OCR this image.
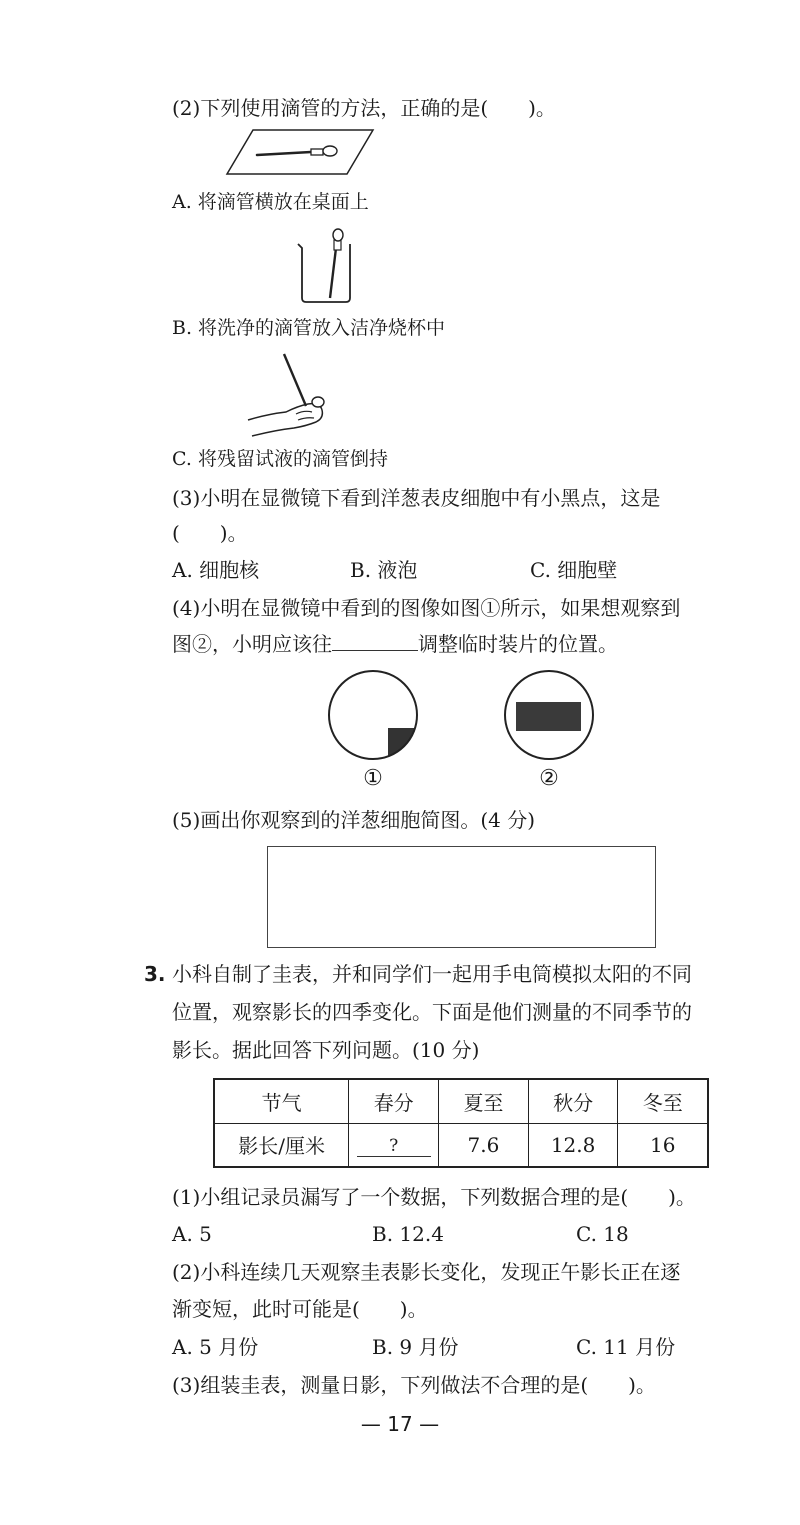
(2)下列使用滴管的方法，正确的是(　　)。
A. 将滴管横放在桌面上
B. 将洗净的滴管放入洁净烧杯中
C. 将残留试液的滴管倒持
(3)小明在显微镜下看到洋葱表皮细胞中有小黑点，这是
(　　)。
A. 细胞核	B. 液泡	C. 细胞壁
(4)小明在显微镜中看到的图像如图①所示，如果想观察到
图②，小明应该往	调整临时装片的位置。
①	②
(5)画出你观察到的洋葱细胞简图。(4 分)
3. 小科自制了圭表，并和同学们一起用手电筒模拟太阳的不同
位置，观察影长的四季变化。下面是他们测量的不同季节的
影长。据此回答下列问题。(10 分)
节气	春分	夏至	秋分	冬至
影长/厘米	?	7.6	12.8	16
(1)小组记录员漏写了一个数据，下列数据合理的是(　　)。
A. 5	B. 12.4	C. 18
(2)小科连续几天观察圭表影长变化，发现正午影长正在逐
渐变短，此时可能是(　　)。
A. 5 月份	B. 9 月份	C. 11 月份
(3)组装圭表，测量日影，下列做法不合理的是(　　)。
— 17 —
